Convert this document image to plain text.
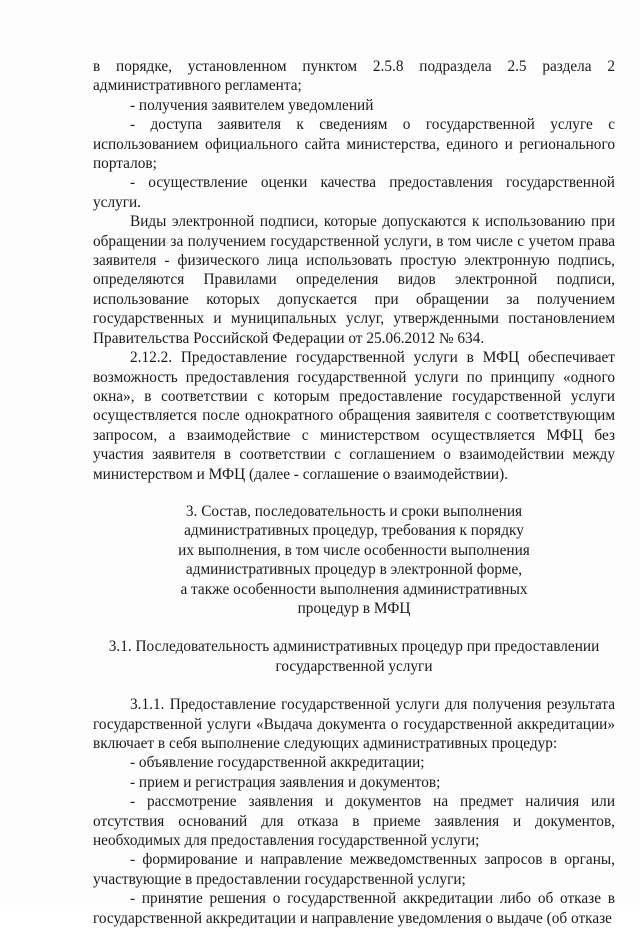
в порядке, установленном пунктом 2.5.8 подраздела 2.5 раздела 2 административного регламента;

- получения заявителем уведомлений

- доступа заявителя к сведениям о государственной услуге с использованием официального сайта министерства, единого и регионального порталов;

- осуществление оценки качества предоставления государственной услуги.

Виды электронной подписи, которые допускаются к использованию при обращении за получением государственной услуги, в том числе с учетом права заявителя - физического лица использовать простую электронную подпись, определяются Правилами определения видов электронной подписи, использование которых допускается при обращении за получением государственных и муниципальных услуг, утвержденными постановлением Правительства Российской Федерации от 25.06.2012 № 634.

2.12.2. Предоставление государственной услуги в МФЦ обеспечивает возможность предоставления государственной услуги по принципу «одного окна», в соответствии с которым предоставление государственной услуги осуществляется после однократного обращения заявителя с соответствующим запросом, а взаимодействие с министерством осуществляется МФЦ без участия заявителя в соответствии с соглашением о взаимодействии между министерством и МФЦ (далее - соглашение о взаимодействии).

3. Состав, последовательность и сроки выполнения
административных процедур, требования к порядку
их выполнения, в том числе особенности выполнения
административных процедур в электронной форме,
а также особенности выполнения административных
процедур в МФЦ
3.1. Последовательность административных процедур при предоставлении
государственной услуги

3.1.1. Предоставление государственной услуги для получения результата государственной услуги «Выдача документа о государственной аккредитации» включает в себя выполнение следующих административных процедур:

- объявление государственной аккредитации;

- прием и регистрация заявления и документов;

- рассмотрение заявления и документов на предмет наличия или отсутствия оснований для отказа в приеме заявления и документов, необходимых для предоставления государственной услуги;

- формирование и направление межведомственных запросов в органы, участвующие в предоставлении государственной услуги;

- принятие решения о государственной аккредитации либо об отказе в государственной аккредитации и направление уведомления о выдаче (об отказе
